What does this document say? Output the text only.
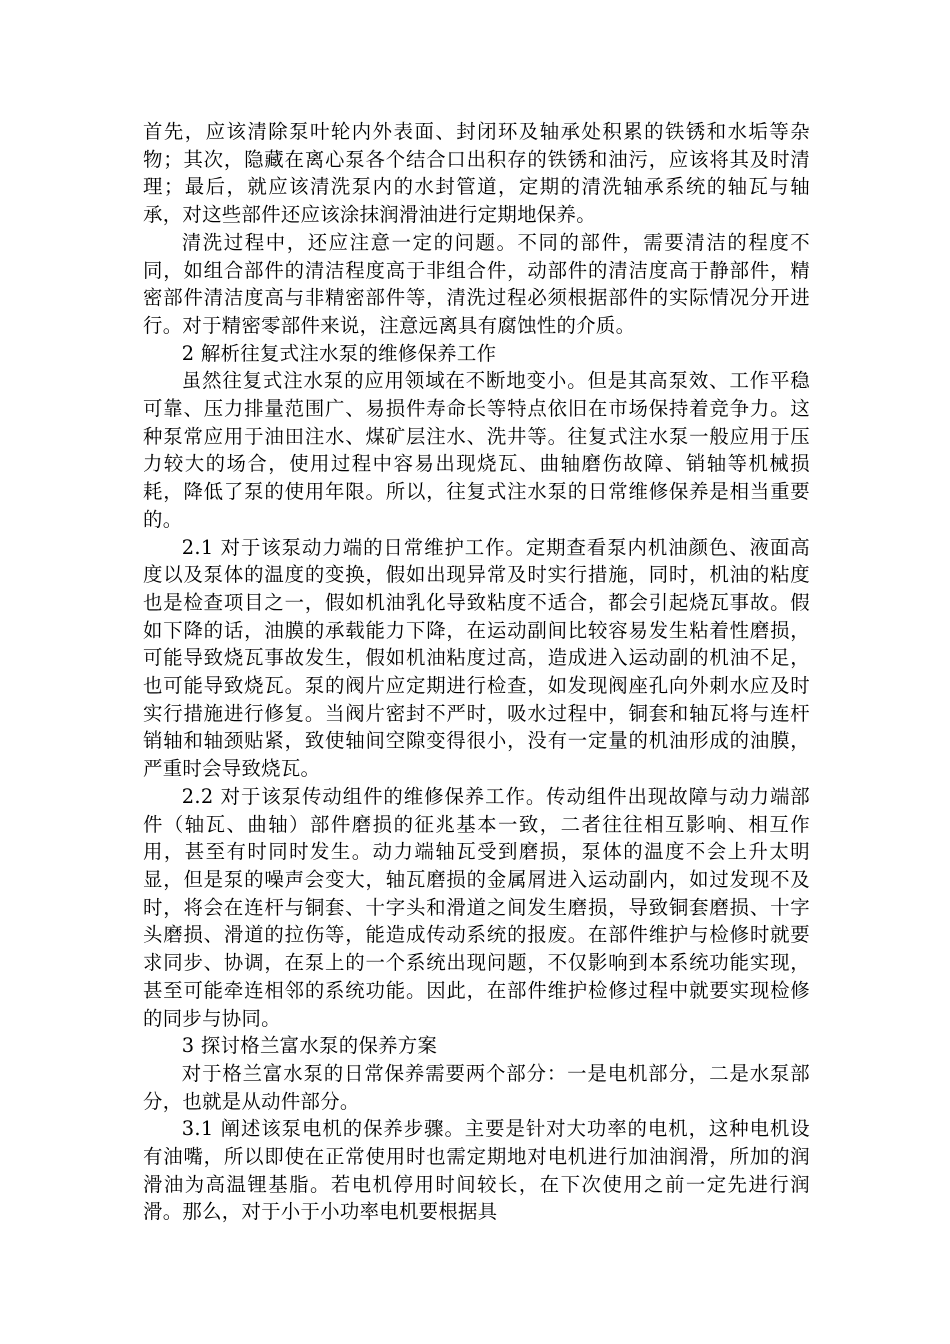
首先，应该清除泵叶轮内外表面、封闭环及轴承处积累的铁锈和水垢等杂物；其次，隐藏在离心泵各个结合口出积存的铁锈和油污，应该将其及时清理；最后，就应该清洗泵内的水封管道，定期的清洗轴承系统的轴瓦与轴承，对这些部件还应该涂抹润滑油进行定期地保养。

清洗过程中，还应注意一定的问题。不同的部件，需要清洁的程度不同，如组合部件的清洁程度高于非组合件，动部件的清洁度高于静部件，精密部件清洁度高与非精密部件等，清洗过程必须根据部件的实际情况分开进行。对于精密零部件来说，注意远离具有腐蚀性的介质。

2 解析往复式注水泵的维修保养工作

虽然往复式注水泵的应用领域在不断地变小。但是其高泵效、工作平稳可靠、压力排量范围广、易损件寿命长等特点依旧在市场保持着竞争力。这种泵常应用于油田注水、煤矿层注水、洗井等。往复式注水泵一般应用于压力较大的场合，使用过程中容易出现烧瓦、曲轴磨伤故障、销轴等机械损耗，降低了泵的使用年限。所以，往复式注水泵的日常维修保养是相当重要的。

2.1 对于该泵动力端的日常维护工作。定期查看泵内机油颜色、液面高度以及泵体的温度的变换，假如出现异常及时实行措施，同时，机油的粘度也是检查项目之一，假如机油乳化导致粘度不适合，都会引起烧瓦事故。假如下降的话，油膜的承载能力下降，在运动副间比较容易发生粘着性磨损，可能导致烧瓦事故发生，假如机油粘度过高，造成进入运动副的机油不足，也可能导致烧瓦。泵的阀片应定期进行检查，如发现阀座孔向外刺水应及时实行措施进行修复。当阀片密封不严时，吸水过程中，铜套和轴瓦将与连杆销轴和轴颈贴紧，致使轴间空隙变得很小，没有一定量的机油形成的油膜，严重时会导致烧瓦。

2.2 对于该泵传动组件的维修保养工作。传动组件出现故障与动力端部件（轴瓦、曲轴）部件磨损的征兆基本一致，二者往往相互影响、相互作用，甚至有时同时发生。动力端轴瓦受到磨损，泵体的温度不会上升太明显，但是泵的噪声会变大，轴瓦磨损的金属屑进入运动副内，如过发现不及时，将会在连杆与铜套、十字头和滑道之间发生磨损，导致铜套磨损、十字头磨损、滑道的拉伤等，能造成传动系统的报废。在部件维护与检修时就要求同步、协调，在泵上的一个系统出现问题，不仅影响到本系统功能实现，甚至可能牵连相邻的系统功能。因此，在部件维护检修过程中就要实现检修的同步与协同。

3 探讨格兰富水泵的保养方案

对于格兰富水泵的日常保养需要两个部分：一是电机部分，二是水泵部分，也就是从动件部分。

3.1 阐述该泵电机的保养步骤。主要是针对大功率的电机，这种电机设有油嘴，所以即使在正常使用时也需定期地对电机进行加油润滑，所加的润滑油为高温锂基脂。若电机停用时间较长，在下次使用之前一定先进行润滑。那么，对于小于小功率电机要根据具
